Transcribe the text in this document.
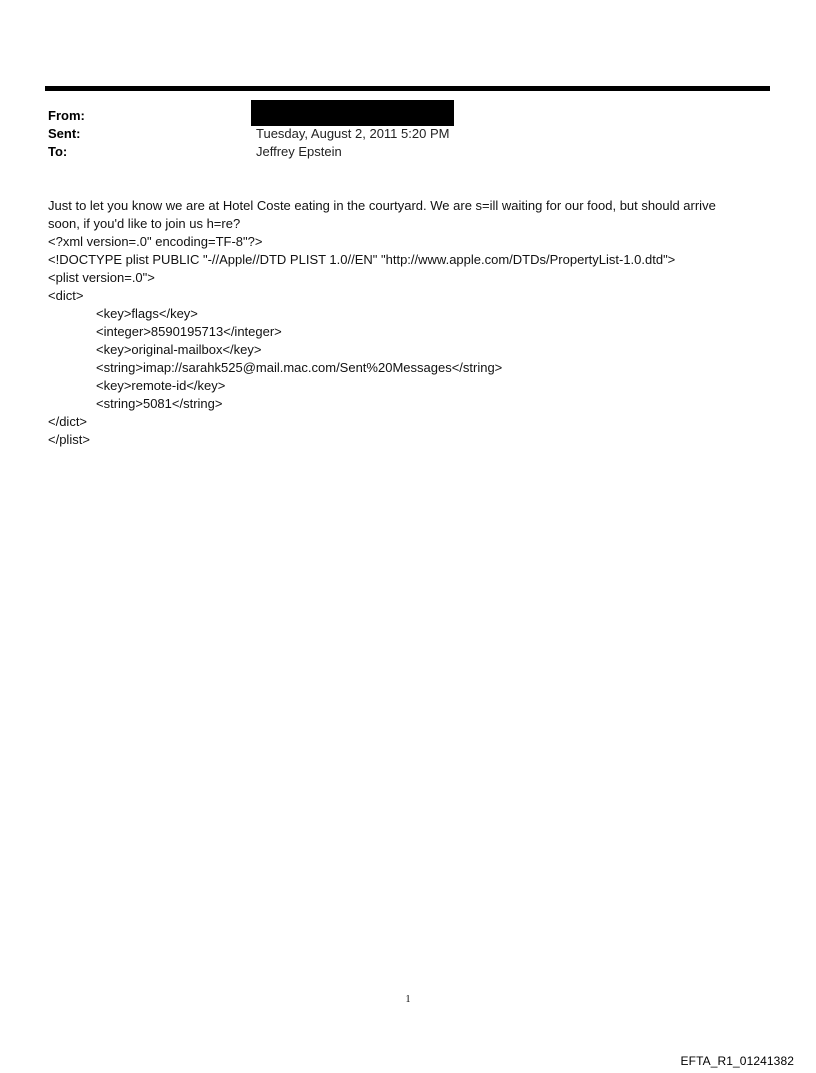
From:
Sent:	Tuesday, August 2, 2011 5:20 PM
To:	Jeffrey Epstein
Just to let you know we are at Hotel Coste eating in the courtyard. We are s=ill waiting for our food, but should arrive
soon, if you'd like to join us h=re?
<?xml version=.0" encoding=TF-8"?>
<!DOCTYPE plist PUBLIC "-//Apple//DTD PLIST 1.0//EN" "http://www.apple.com/DTDs/PropertyList-1.0.dtd">
<plist version=.0">
<dict>
<key>flags</key>
<integer>8590195713</integer>
<key>original-mailbox</key>
<string>imap://sarahk525@mail.mac.com/Sent%20Messages</string>
<key>remote-id</key>
<string>5081</string>
</dict>
</plist>
1
EFTA_R1_01241382
